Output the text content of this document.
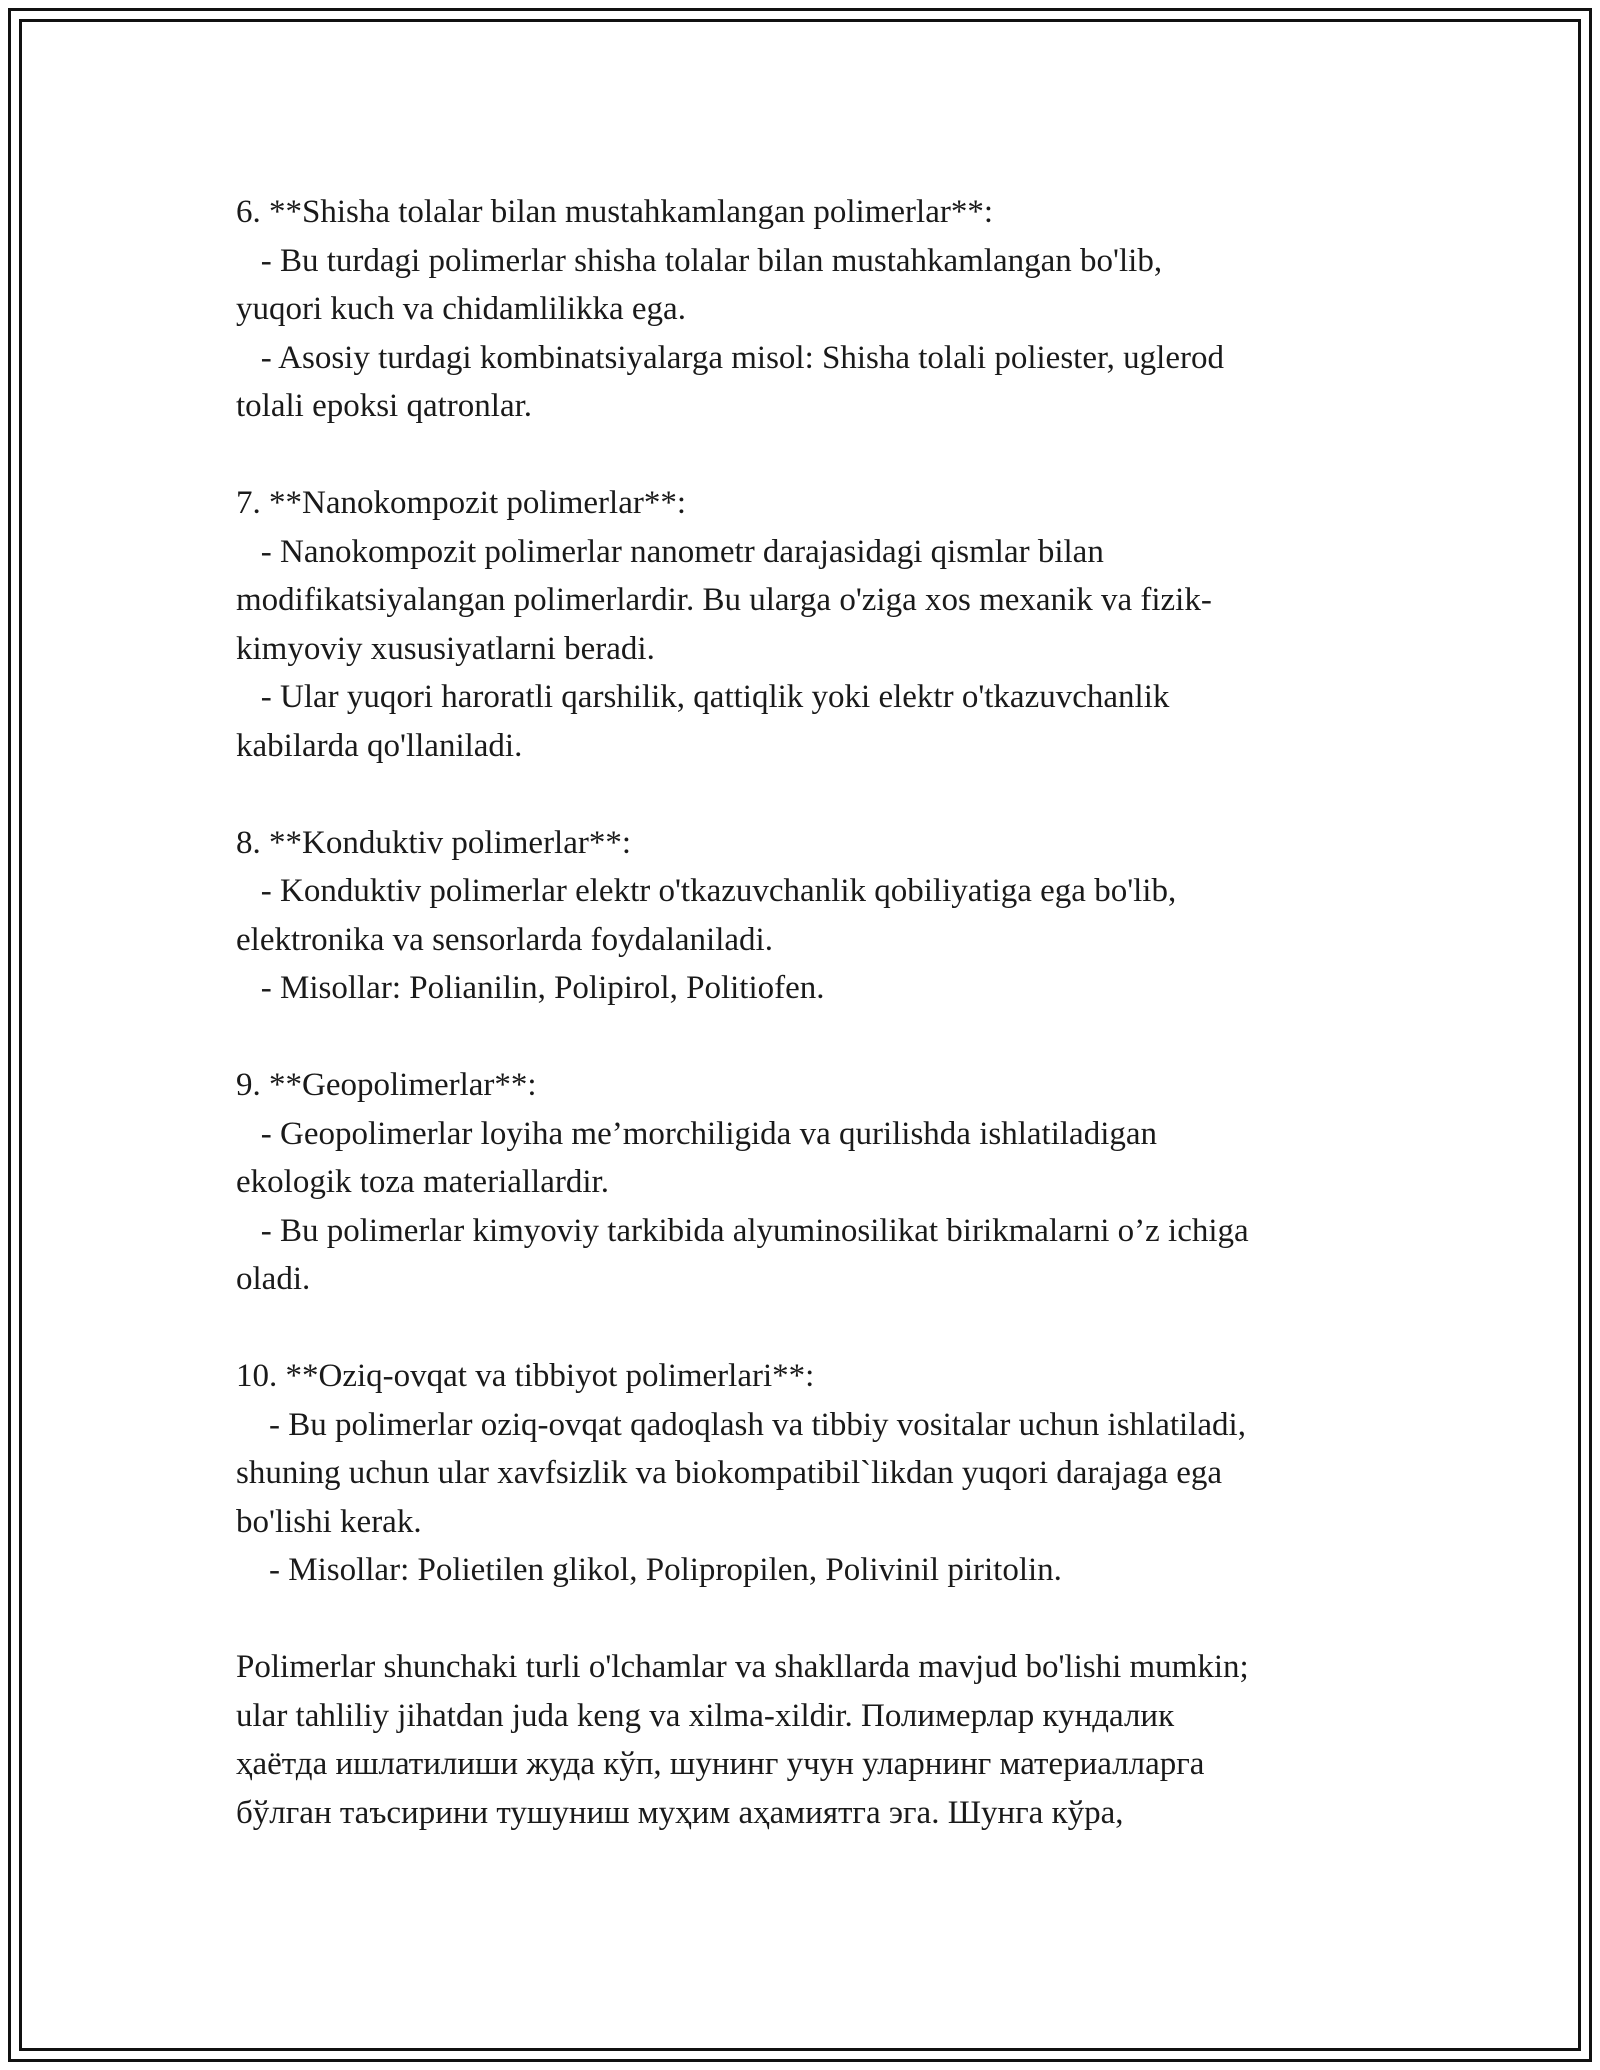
6. **Shisha tolalar bilan mustahkamlangan polimerlar**:
- Bu turdagi polimerlar shisha tolalar bilan mustahkamlangan bo'lib,
yuqori kuch va chidamlilikka ega.
- Asosiy turdagi kombinatsiyalarga misol: Shisha tolali poliester, uglerod
tolali epoksi qatronlar.
7. **Nanokompozit polimerlar**:
- Nanokompozit polimerlar nanometr darajasidagi qismlar bilan
modifikatsiyalangan polimerlardir. Bu ularga o'ziga xos mexanik va fizik-
kimyoviy xususiyatlarni beradi.
- Ular yuqori haroratli qarshilik, qattiqlik yoki elektr o'tkazuvchanlik
kabilarda qo'llaniladi.
8. **Konduktiv polimerlar**:
- Konduktiv polimerlar elektr o'tkazuvchanlik qobiliyatiga ega bo'lib,
elektronika va sensorlarda foydalaniladi.
- Misollar: Polianilin, Polipirol, Politiofen.
9. **Geopolimerlar**:
- Geopolimerlar loyiha me’morchiligida va qurilishda ishlatiladigan
ekologik toza materiallardir.
- Bu polimerlar kimyoviy tarkibida alyuminosilikat birikmalarni o’z ichiga
oladi.
10. **Oziq-ovqat va tibbiyot polimerlari**:
- Bu polimerlar oziq-ovqat qadoqlash va tibbiy vositalar uchun ishlatiladi,
shuning uchun ular xavfsizlik va biokompatibil`likdan yuqori darajaga ega
bo'lishi kerak.
- Misollar: Polietilen glikol, Polipropilen, Polivinil piritolin.
Polimerlar shunchaki turli o'lchamlar va shakllarda mavjud bo'lishi mumkin;
ular tahliliy jihatdan juda keng va xilma-xildir. Полимерлар кундалик
ҳаётда ишлатилиши жуда кўп, шунинг учун уларнинг материалларга
бўлган таъсирини тушуниш муҳим аҳамиятга эга. Шунга кўра,
